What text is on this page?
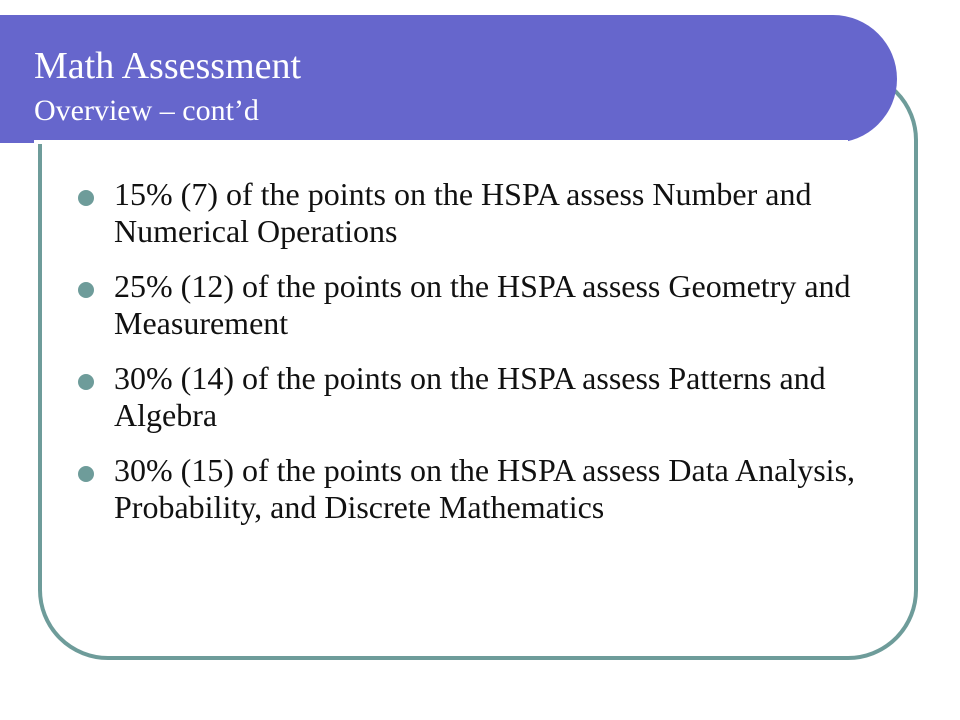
Math Assessment
Overview – cont’d
15% (7) of the points on the HSPA assess Number and Numerical Operations
25% (12) of the points on the HSPA assess Geometry and Measurement
30% (14) of the points on the HSPA assess Patterns and Algebra
30% (15) of the points on the HSPA assess Data Analysis, Probability, and Discrete Mathematics
